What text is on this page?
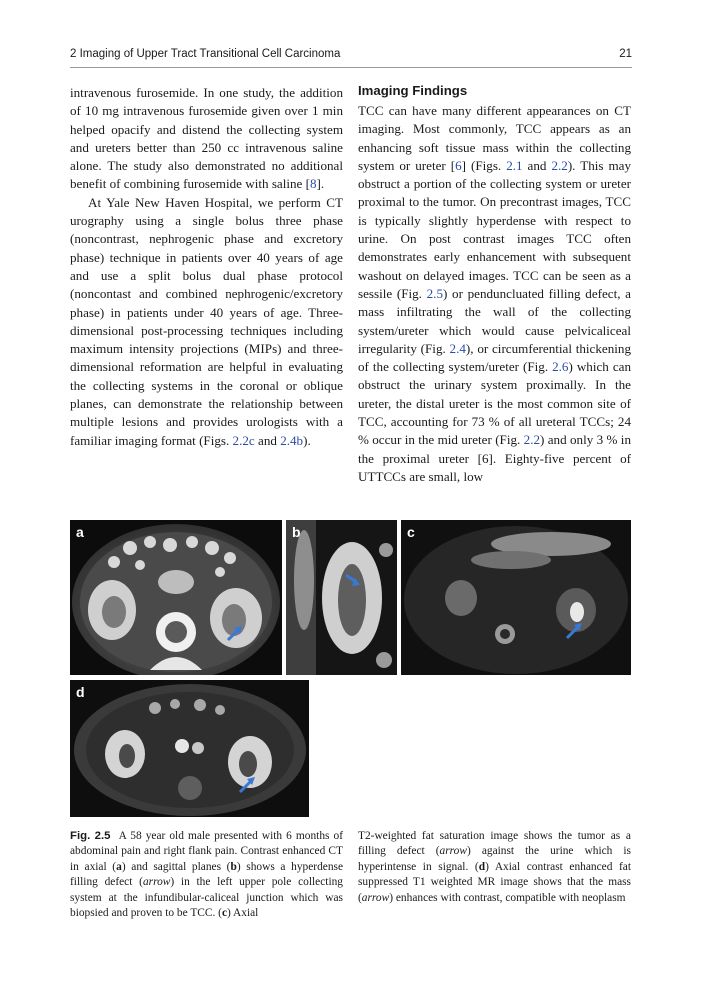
2 Imaging of Upper Tract Transitional Cell Carcinoma	21

intravenous furosemide. In one study, the addition of 10 mg intravenous furosemide given over 1 min helped opacify and distend the collecting system and ureters better than 250 cc intravenous saline alone. The study also demonstrated no additional benefit of combining furosemide with saline [8].

At Yale New Haven Hospital, we perform CT urography using a single bolus three phase (noncontrast, nephrogenic phase and excretory phase) technique in patients over 40 years of age and use a split bolus dual phase protocol (noncontast and combined nephrogenic/excretory phase) in patients under 40 years of age. Three-dimensional post-processing techniques including maximum intensity projections (MIPs) and three-dimensional reformation are helpful in evaluating the collecting systems in the coronal or oblique planes, can demonstrate the relationship between multiple lesions and provides urologists with a familiar imaging format (Figs. 2.2c and 2.4b).

Imaging Findings

TCC can have many different appearances on CT imaging. Most commonly, TCC appears as an enhancing soft tissue mass within the collecting system or ureter [6] (Figs. 2.1 and 2.2). This may obstruct a portion of the collecting system or ureter proximal to the tumor. On precontrast images, TCC is typically slightly hyperdense with respect to urine. On post contrast images TCC often demonstrates early enhancement with subsequent washout on delayed images. TCC can be seen as a sessile (Fig. 2.5) or penduncluated filling defect, a mass infiltrating the wall of the collecting system/ureter which would cause pelvicaliceal irregularity (Fig. 2.4), or circumferential thickening of the collecting system/ureter (Fig. 2.6) which can obstruct the urinary system proximally. In the ureter, the distal ureter is the most common site of TCC, accounting for 73 % of all ureteral TCCs; 24 % occur in the mid ureter (Fig. 2.2) and only 3 % in the proximal ureter [6]. Eighty-five percent of UTTCCs are small, low

a	b	c
d
Fig. 2.5 A 58 year old male presented with 6 months of abdominal pain and right flank pain. Contrast enhanced CT in axial (a) and sagittal planes (b) shows a hyperdense filling defect (arrow) in the left upper pole collecting system at the infundibular-caliceal junction which was biopsied and proven to be TCC. (c) Axial
T2-weighted fat saturation image shows the tumor as a filling defect (arrow) against the urine which is hyperintense in signal. (d) Axial contrast enhanced fat suppressed T1 weighted MR image shows that the mass (arrow) enhances with contrast, compatible with neoplasm
